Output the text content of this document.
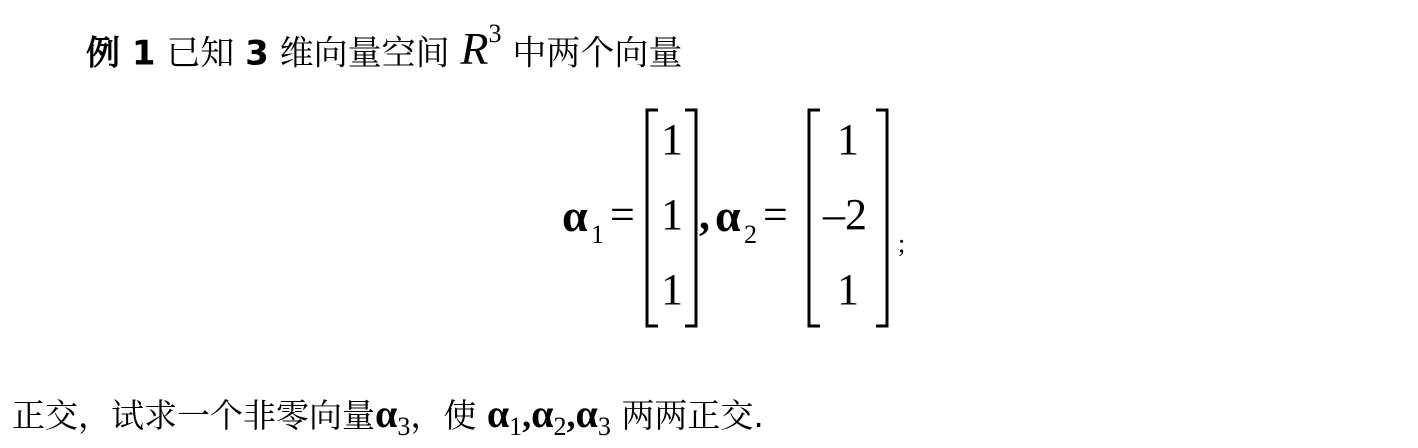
例 1 已知 3 维向量空间 $R^3$ 中两个向量
α 1 =
1
1
1
, α 2 =
1
–2
1
;
正交，试求一个非零向量$\alpha_3$，使 $\alpha_1,\alpha_2,\alpha_3$ 两两正交.
